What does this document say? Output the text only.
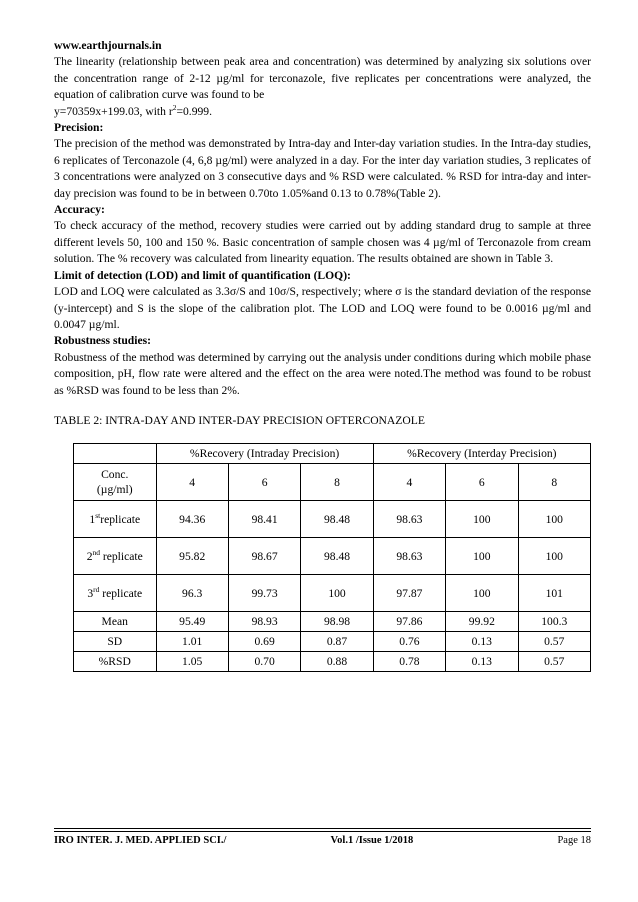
www.earthjournals.in

The linearity (relationship between peak area and concentration) was determined by analyzing six solutions over the concentration range of 2-12 µg/ml for terconazole, five replicates per concentrations were analyzed, the equation of calibration curve was found to be

y=70359x+199.03, with $r^2=0.999$.

Precision:

The precision of the method was demonstrated by Intra-day and Inter-day variation studies. In the Intra-day studies, 6 replicates of Terconazole (4, 6,8 µg/ml) were analyzed in a day. For the inter day variation studies, 3 replicates of 3 concentrations were analyzed on 3 consecutive days and % RSD were calculated. % RSD for intra-day and inter-day precision was found to be in between 0.70to 1.05%and 0.13 to 0.78%(Table 2).

Accuracy:

To check accuracy of the method, recovery studies were carried out by adding standard drug to sample at three different levels 50, 100 and 150 %. Basic concentration of sample chosen was 4 µg/ml of Terconazole from cream solution. The % recovery was calculated from linearity equation. The results obtained are shown in Table 3.

Limit of detection (LOD) and limit of quantification (LOQ):

LOD and LOQ were calculated as 3.3σ/S and 10σ/S, respectively; where σ is the standard deviation of the response (y-intercept) and S is the slope of the calibration plot. The LOD and LOQ were found to be 0.0016 µg/ml and 0.0047 µg/ml.

Robustness studies:

Robustness of the method was determined by carrying out the analysis under conditions during which mobile phase composition, pH, flow rate were altered and the effect on the area were noted.The method was found to be robust as %RSD was found to be less than 2%.

TABLE 2: INTRA-DAY AND INTER-DAY PRECISION OFTERCONAZOLE

	%Recovery (Intraday Precision)			%Recovery (Interday Precision)		
Conc.
(µg/ml)	4	6	8	4	6	8
1streplicate	94.36	98.41	98.48	98.63	100	100
2nd replicate	95.82	98.67	98.48	98.63	100	100
3rd replicate	96.3	99.73	100	97.87	100	101
Mean	95.49	98.93	98.98	97.86	99.92	100.3
SD	1.01	0.69	0.87	0.76	0.13	0.57
%RSD	1.05	0.70	0.88	0.78	0.13	0.57
IRO INTER. J. MED. APPLIED SCI./	Vol.1 /Issue 1/2018	Page 18
